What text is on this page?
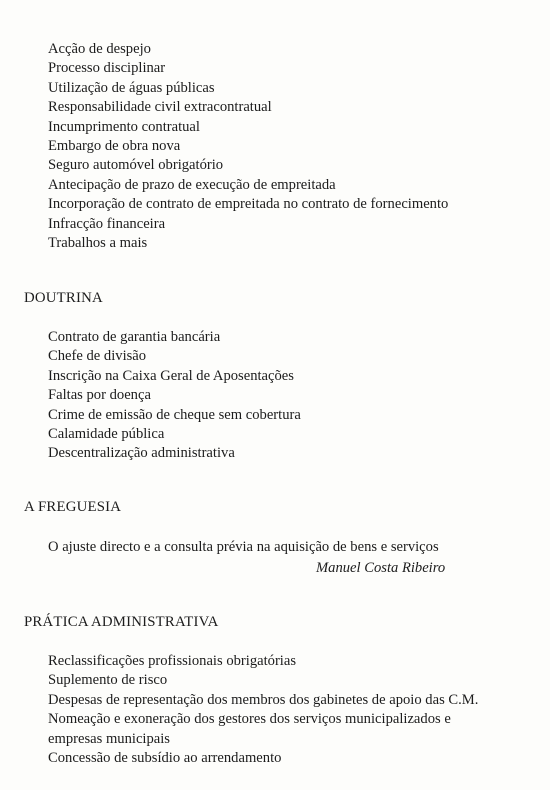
Acção de despejo
Processo disciplinar
Utilização de águas públicas
Responsabilidade civil extracontratual
Incumprimento contratual
Embargo de obra nova
Seguro automóvel obrigatório
Antecipação de prazo de execução de empreitada
Incorporação de contrato de empreitada no contrato de fornecimento
Infracção financeira
Trabalhos a mais
DOUTRINA
Contrato de garantia bancária
Chefe de divisão
Inscrição na Caixa Geral de Aposentações
Faltas por doença
Crime de emissão de cheque sem cobertura
Calamidade pública
Descentralização administrativa
A FREGUESIA
O ajuste directo e a consulta prévia na aquisição de bens e serviços
Manuel Costa Ribeiro
PRÁTICA ADMINISTRATIVA
Reclassificações profissionais obrigatórias
Suplemento de risco
Despesas de representação dos membros dos gabinetes de apoio das C.M.
Nomeação e exoneração dos gestores dos serviços municipalizados e
empresas municipais
Concessão de subsídio ao arrendamento
